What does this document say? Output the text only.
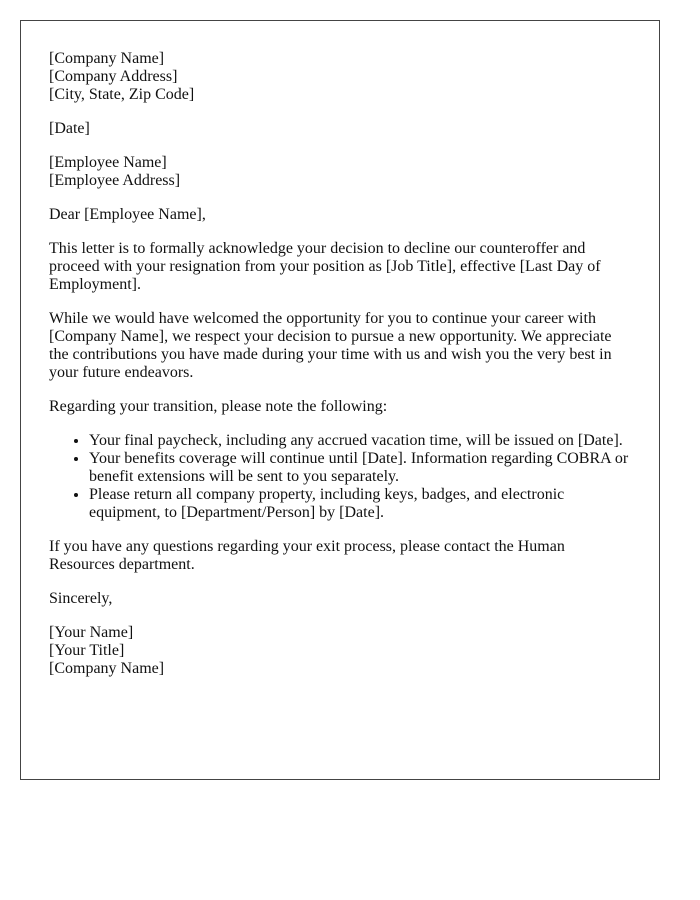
[Company Name]
[Company Address]
[City, State, Zip Code]
[Date]
[Employee Name]
[Employee Address]

Dear [Employee Name],

This letter is to formally acknowledge your decision to decline our counteroffer and proceed with your resignation from your position as [Job Title], effective [Last Day of Employment].

While we would have welcomed the opportunity for you to continue your career with [Company Name], we respect your decision to pursue a new opportunity. We appreciate the contributions you have made during your time with us and wish you the very best in your future endeavors.

Regarding your transition, please note the following:

• Your final paycheck, including any accrued vacation time, will be issued on [Date].
• Your benefits coverage will continue until [Date]. Information regarding COBRA or benefit extensions will be sent to you separately.
• Please return all company property, including keys, badges, and electronic equipment, to [Department/Person] by [Date].

If you have any questions regarding your exit process, please contact the Human Resources department.

Sincerely,

[Your Name]
[Your Title]
[Company Name]
